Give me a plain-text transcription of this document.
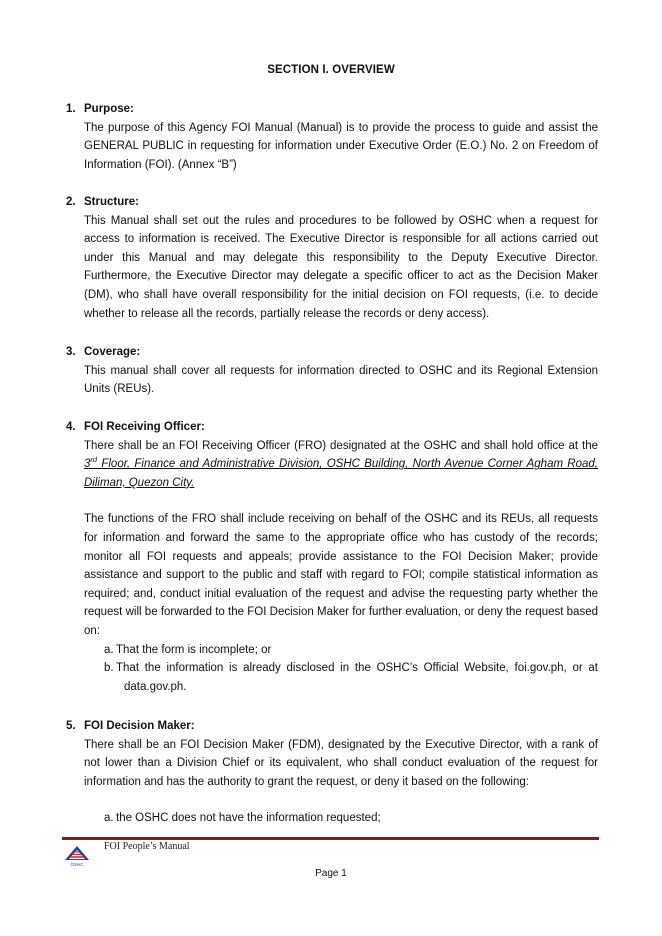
SECTION I. OVERVIEW
1. Purpose:
The purpose of this Agency FOI Manual (Manual) is to provide the process to guide and assist the GENERAL PUBLIC in requesting for information under Executive Order (E.O.) No. 2 on Freedom of Information (FOI). (Annex “B”)
2. Structure:
This Manual shall set out the rules and procedures to be followed by OSHC when a request for access to information is received. The Executive Director is responsible for all actions carried out under this Manual and may delegate this responsibility to the Deputy Executive Director. Furthermore, the Executive Director may delegate a specific officer to act as the Decision Maker (DM), who shall have overall responsibility for the initial decision on FOI requests, (i.e. to decide whether to release all the records, partially release the records or deny access).
3. Coverage:
This manual shall cover all requests for information directed to OSHC and its Regional Extension Units (REUs).
4. FOI Receiving Officer:
There shall be an FOI Receiving Officer (FRO) designated at the OSHC and shall hold office at the 3rd Floor, Finance and Administrative Division, OSHC Building, North Avenue Corner Agham Road, Diliman, Quezon City.
The functions of the FRO shall include receiving on behalf of the OSHC and its REUs, all requests for information and forward the same to the appropriate office who has custody of the records; monitor all FOI requests and appeals; provide assistance to the FOI Decision Maker; provide assistance and support to the public and staff with regard to FOI; compile statistical information as required; and, conduct initial evaluation of the request and advise the requesting party whether the request will be forwarded to the FOI Decision Maker for further evaluation, or deny the request based on:
a. That the form is incomplete; or
b. That the information is already disclosed in the OSHC’s Official Website, foi.gov.ph, or at data.gov.ph.
5. FOI Decision Maker:
There shall be an FOI Decision Maker (FDM), designated by the Executive Director, with a rank of not lower than a Division Chief or its equivalent, who shall conduct evaluation of the request for information and has the authority to grant the request, or deny it based on the following:
a. the OSHC does not have the information requested;
OSHC
FOI People’s Manual
Page 1
